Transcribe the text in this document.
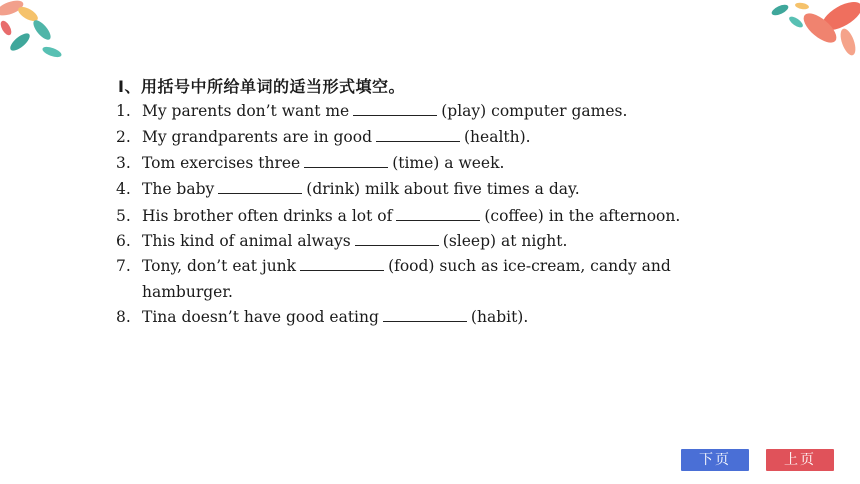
Ⅰ、用括号中所给单词的适当形式填空。
1. My parents don’t want me	(play) computer games.
2. My grandparents are in good	(health).
3. Tom exercises three	(time) a week.
4. The baby	(drink) milk about five times a day.
5. His brother often drinks a lot of	(coffee) in the afternoon.
6. This kind of animal always	(sleep) at night.
7. Tony, don’t eat junk	(food) such as ice-cream, candy and
hamburger.
8. Tina doesn’t have good eating	(habit).
下页	上页
